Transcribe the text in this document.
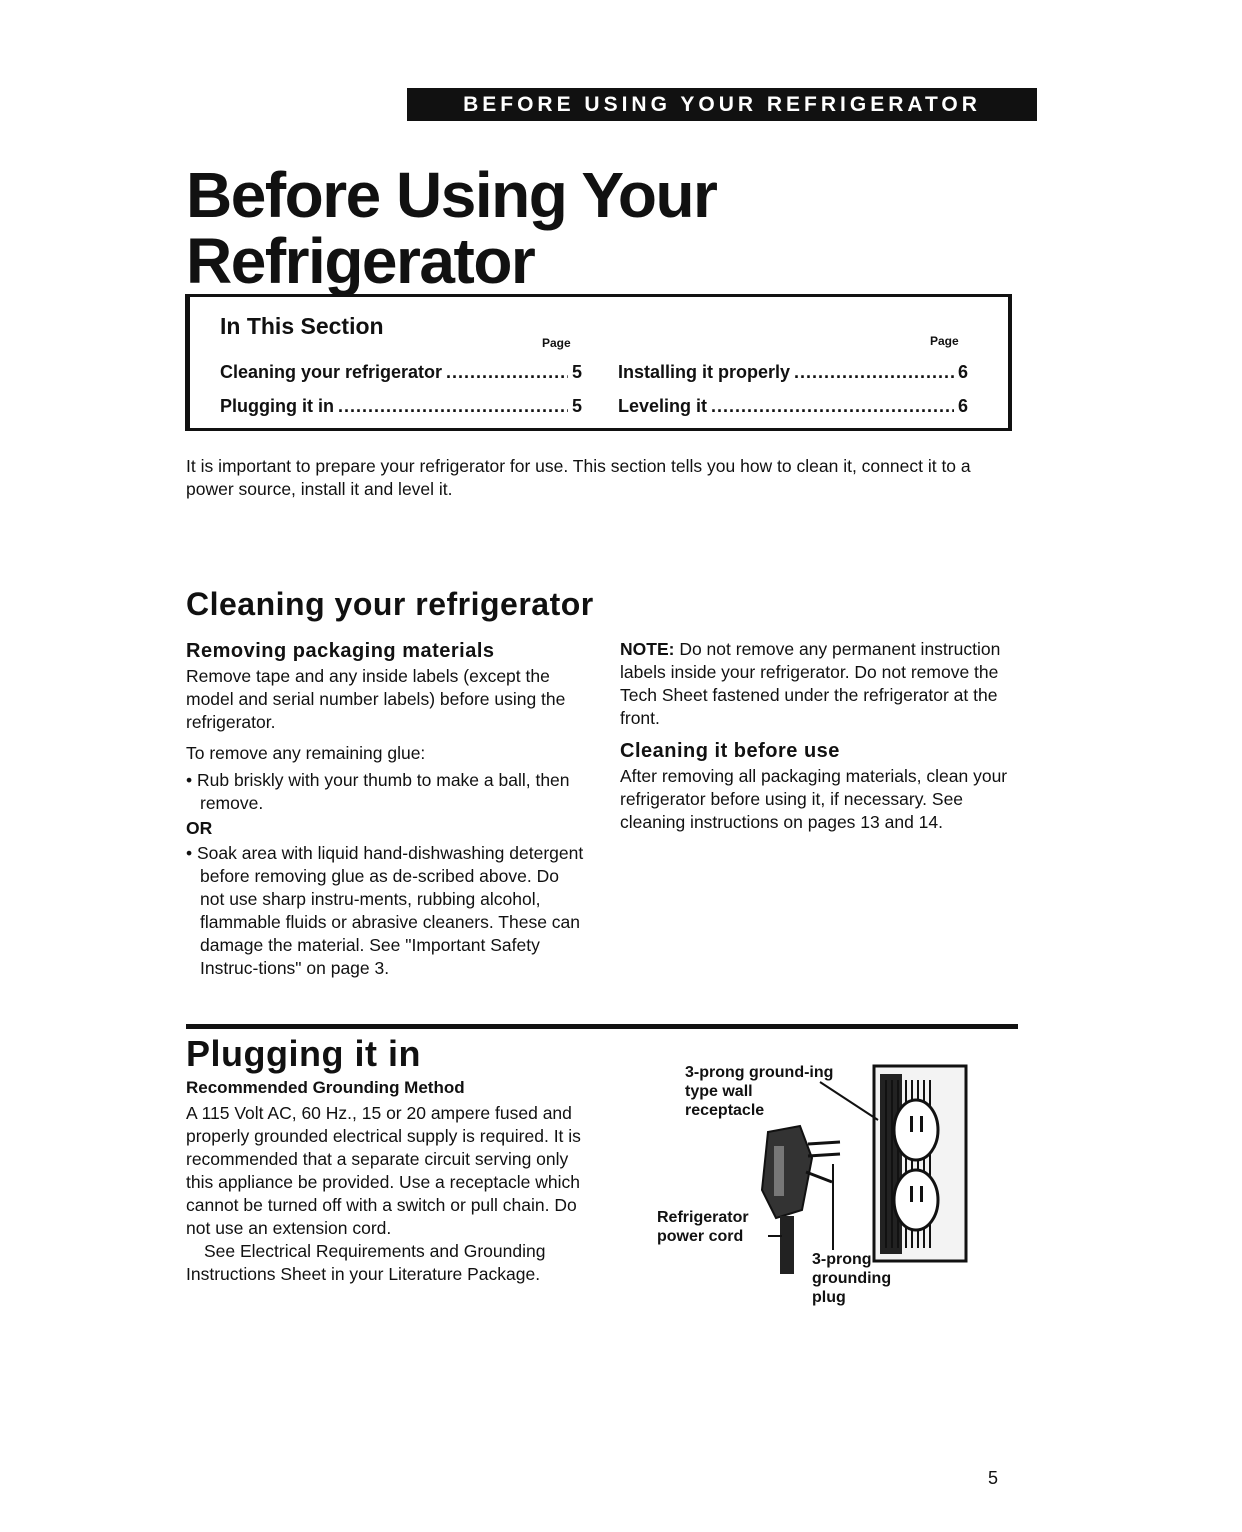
BEFORE USING YOUR REFRIGERATOR
Before Using Your
Refrigerator
In This Section
Page	Page
Cleaning your refrigerator .....	5
Plugging it in .....	5
Installing it properly .....	6
Leveling it .....	6
It is important to prepare your refrigerator for use. This section tells you how to clean it, connect it to a power source, install it and level it.
Cleaning your refrigerator
Removing packaging materials
Remove tape and any inside labels (except the model and serial number labels) before using the refrigerator.
To remove any remaining glue:
• Rub briskly with your thumb to make a ball, then remove.
OR
• Soak area with liquid hand-dishwashing detergent before removing glue as de-scribed above. Do not use sharp instru-ments, rubbing alcohol, flammable fluids or abrasive cleaners. These can damage the material. See "Important Safety Instruc-tions" on page 3.
NOTE: Do not remove any permanent instruction labels inside your refrigerator. Do not remove the Tech Sheet fastened under the refrigerator at the front.
Cleaning it before use
After removing all packaging materials, clean your refrigerator before using it, if necessary. See cleaning instructions on pages 13 and 14.
Plugging it in
Recommended Grounding Method
A 115 Volt AC, 60 Hz., 15 or 20 ampere fused and properly grounded electrical supply is required. It is recommended that a separate circuit serving only this appliance be provided. Use a receptacle which cannot be turned off with a switch or pull chain. Do not use an extension cord.
See Electrical Requirements and Grounding Instructions Sheet in your Literature Package.
3-prong ground-ing type wall receptacle
Refrigerator power cord
3-prong grounding plug
5
